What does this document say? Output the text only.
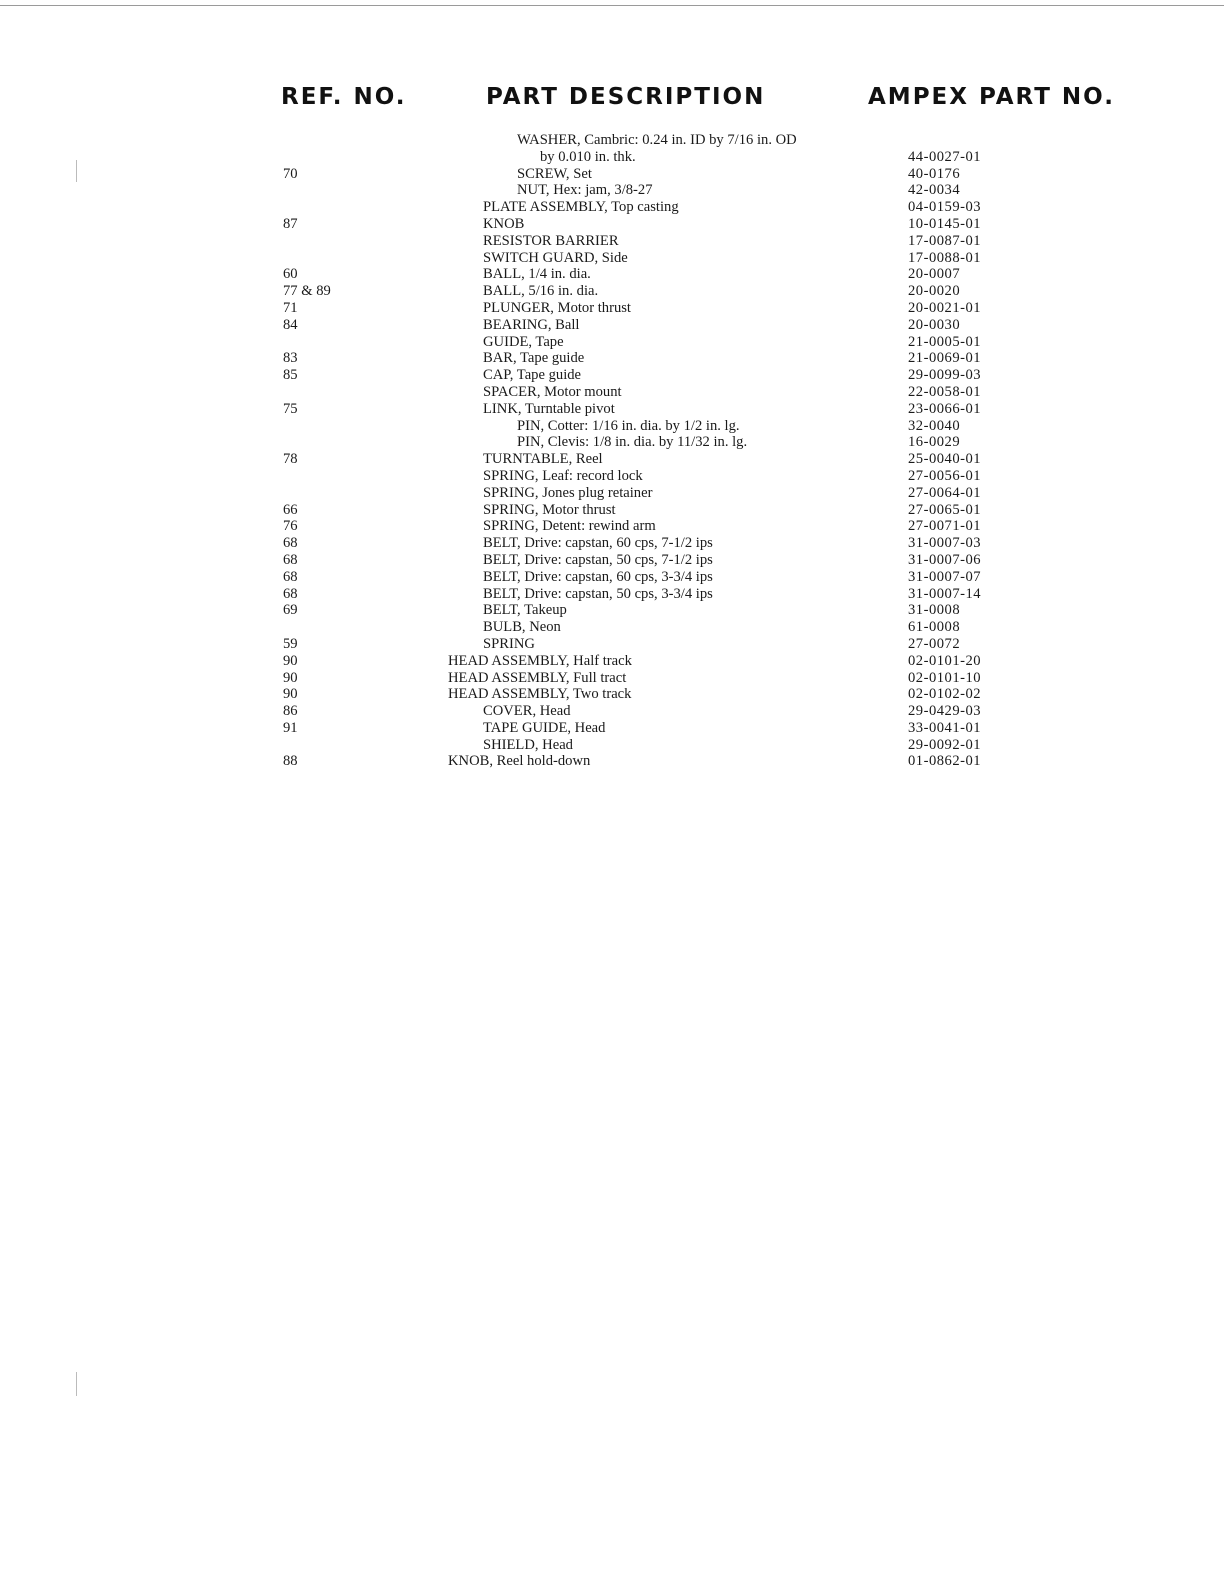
REF. NO.	PART DESCRIPTION	AMPEX PART NO.
WASHER, Cambric: 0.24 in. ID by 7/16 in. OD
by 0.010 in. thk.	44-0027-01
70	SCREW, Set	40-0176
NUT, Hex: jam, 3/8-27	42-0034
PLATE ASSEMBLY, Top casting	04-0159-03
87	KNOB	10-0145-01
RESISTOR BARRIER	17-0087-01
SWITCH GUARD, Side	17-0088-01
60	BALL, 1/4 in. dia.	20-0007
77 & 89	BALL, 5/16 in. dia.	20-0020
71	PLUNGER, Motor thrust	20-0021-01
84	BEARING, Ball	20-0030
GUIDE, Tape	21-0005-01
83	BAR, Tape guide	21-0069-01
85	CAP, Tape guide	29-0099-03
SPACER, Motor mount	22-0058-01
75	LINK, Turntable pivot	23-0066-01
PIN, Cotter: 1/16 in. dia. by 1/2 in. lg.	32-0040
PIN, Clevis: 1/8 in. dia. by 11/32 in. lg.	16-0029
78	TURNTABLE, Reel	25-0040-01
SPRING, Leaf: record lock	27-0056-01
SPRING, Jones plug retainer	27-0064-01
66	SPRING, Motor thrust	27-0065-01
76	SPRING, Detent: rewind arm	27-0071-01
68	BELT, Drive: capstan, 60 cps, 7-1/2 ips	31-0007-03
68	BELT, Drive: capstan, 50 cps, 7-1/2 ips	31-0007-06
68	BELT, Drive: capstan, 60 cps, 3-3/4 ips	31-0007-07
68	BELT, Drive: capstan, 50 cps, 3-3/4 ips	31-0007-14
69	BELT, Takeup	31-0008
BULB, Neon	61-0008
59	SPRING	27-0072
90	HEAD ASSEMBLY, Half track	02-0101-20
90	HEAD ASSEMBLY, Full tract	02-0101-10
90	HEAD ASSEMBLY, Two track	02-0102-02
86	COVER, Head	29-0429-03
91	TAPE GUIDE, Head	33-0041-01
SHIELD, Head	29-0092-01
88	KNOB, Reel hold-down	01-0862-01
